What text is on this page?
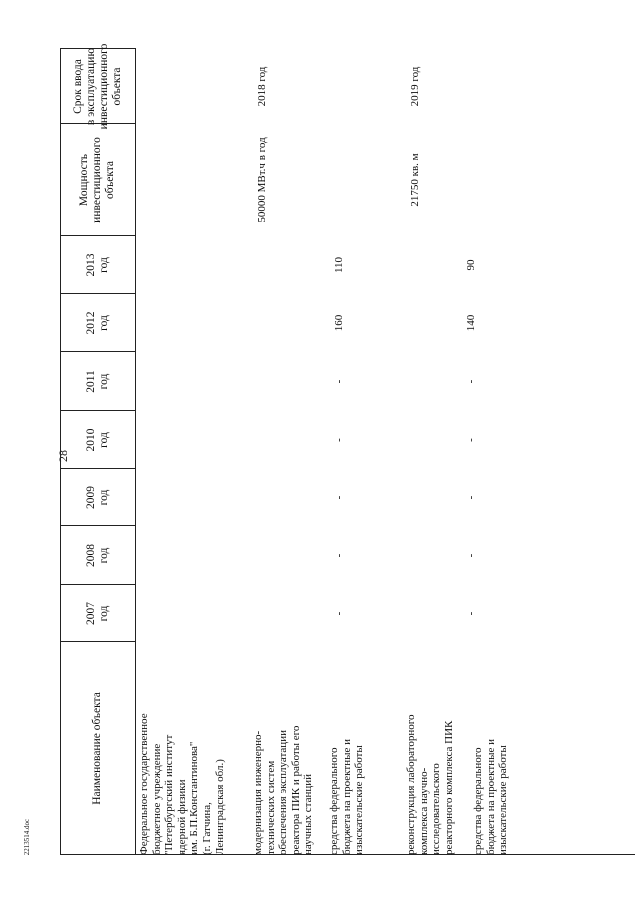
28
Наименование объекта
2007
год
2008
год
2009
год
2010
год
2011
год
2012
год
2013
год
Мощность
инвестиционного
объекта
Срок ввода
в эксплуатацию
инвестиционного
объекта
Федеральное государственное
бюджетное учреждение
"Петербургский институт
ядерной физики
им. Б.П.Константинова"
(г. Гатчина,
Ленинградская обл.)
модернизация инженерно-
технических систем
обеспечения эксплуатации
реактора ПИК и работы его
научных станций
50000 МВт.ч в год
2018 год
средства федерального
бюджета на проектные и
изыскательские работы
-
-
-
-
-
160
110
реконструкция лабораторного
комплекса научно-
исследовательского
реакторного комплекса ПИК
21750 кв. м
2019 год
средства федерального
бюджета на проектные и
изыскательские работы
-
-
-
-
-
140
90
2213514.doc
